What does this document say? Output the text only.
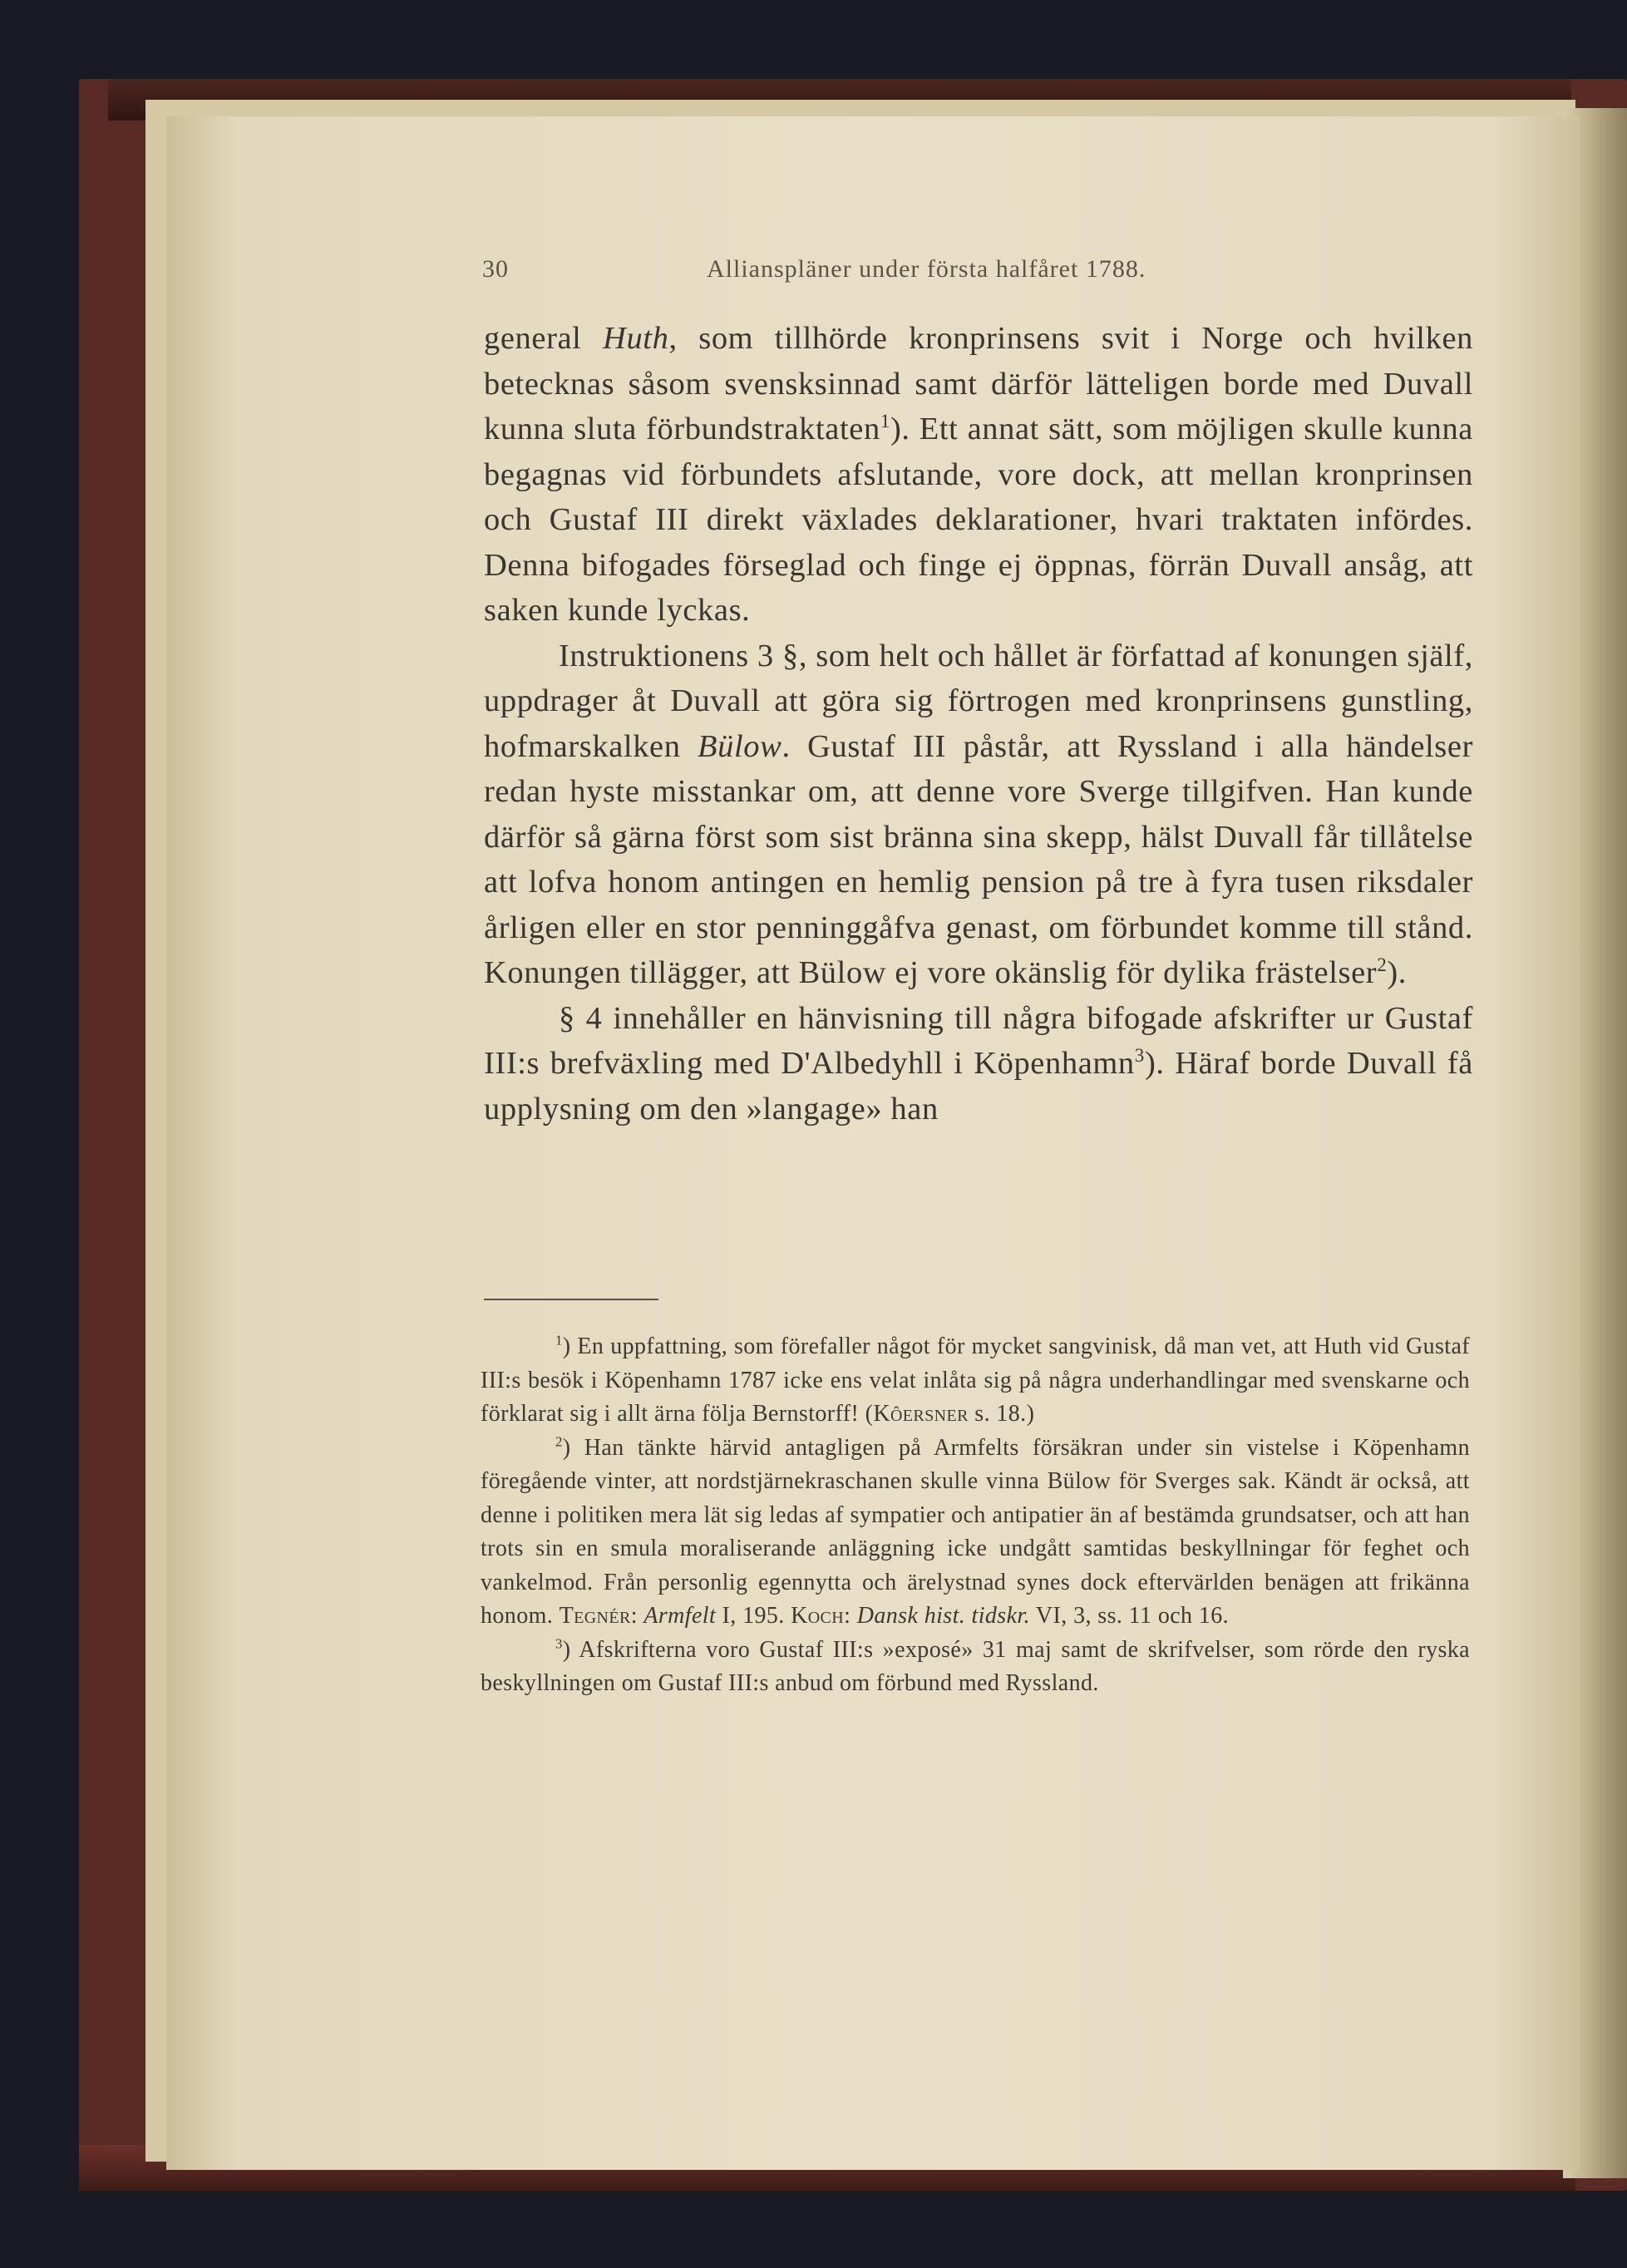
30	Allianspläner under första halfåret 1788.

general Huth, som tillhörde kronprinsens svit i Norge och hvilken betecknas såsom svensksinnad samt därför lätteligen borde med Duvall kunna sluta förbundstraktaten$^1$). Ett annat sätt, som möjligen skulle kunna begagnas vid förbundets afslutande, vore dock, att mellan kronprinsen och Gustaf III direkt växlades deklarationer, hvari traktaten infördes. Denna bifogades förseglad och finge ej öppnas, förrän Duvall ansåg, att saken kunde lyckas.

Instruktionens 3 §, som helt och hållet är författad af konungen själf, uppdrager åt Duvall att göra sig förtrogen med kronprinsens gunstling, hofmarskalken Bülow. Gustaf III påstår, att Ryssland i alla händelser redan hyste misstankar om, att denne vore Sverge tillgifven. Han kunde därför så gärna först som sist bränna sina skepp, hälst Duvall får tillåtelse att lofva honom antingen en hemlig pension på tre à fyra tusen riksdaler årligen eller en stor penninggåfva genast, om förbundet komme till stånd. Konungen tillägger, att Bülow ej vore okänslig för dylika frästelser$^2$).

§ 4 innehåller en hänvisning till några bifogade afskrifter ur Gustaf III:s brefväxling med D'Albedyhll i Köpenhamn$^3$). Häraf borde Duvall få upplysning om den »langage» han

$^1$) En uppfattning, som förefaller något för mycket sangvinisk, då man vet, att Huth vid Gustaf III:s besök i Köpenhamn 1787 icke ens velat inlåta sig på några underhandlingar med svenskarne och förklarat sig i allt ärna följa Bernstorff! (Kôersner s. 18.)

$^2$) Han tänkte härvid antagligen på Armfelts försäkran under sin vistelse i Köpenhamn föregående vinter, att nordstjärnekraschanen skulle vinna Bülow för Sverges sak. Kändt är också, att denne i politiken mera lät sig ledas af sympatier och antipatier än af bestämda grundsatser, och att han trots sin en smula moraliserande anläggning icke undgått samtidas beskyllningar för feghet och vankelmod. Från personlig egennytta och ärelystnad synes dock eftervärlden benägen att frikänna honom. Tegnér: Armfelt I, 195. Koch: Dansk hist. tidskr. VI, 3, ss. 11 och 16.

$^3$) Afskrifterna voro Gustaf III:s »exposé» 31 maj samt de skrifvelser, som rörde den ryska beskyllningen om Gustaf III:s anbud om förbund med Ryssland.
